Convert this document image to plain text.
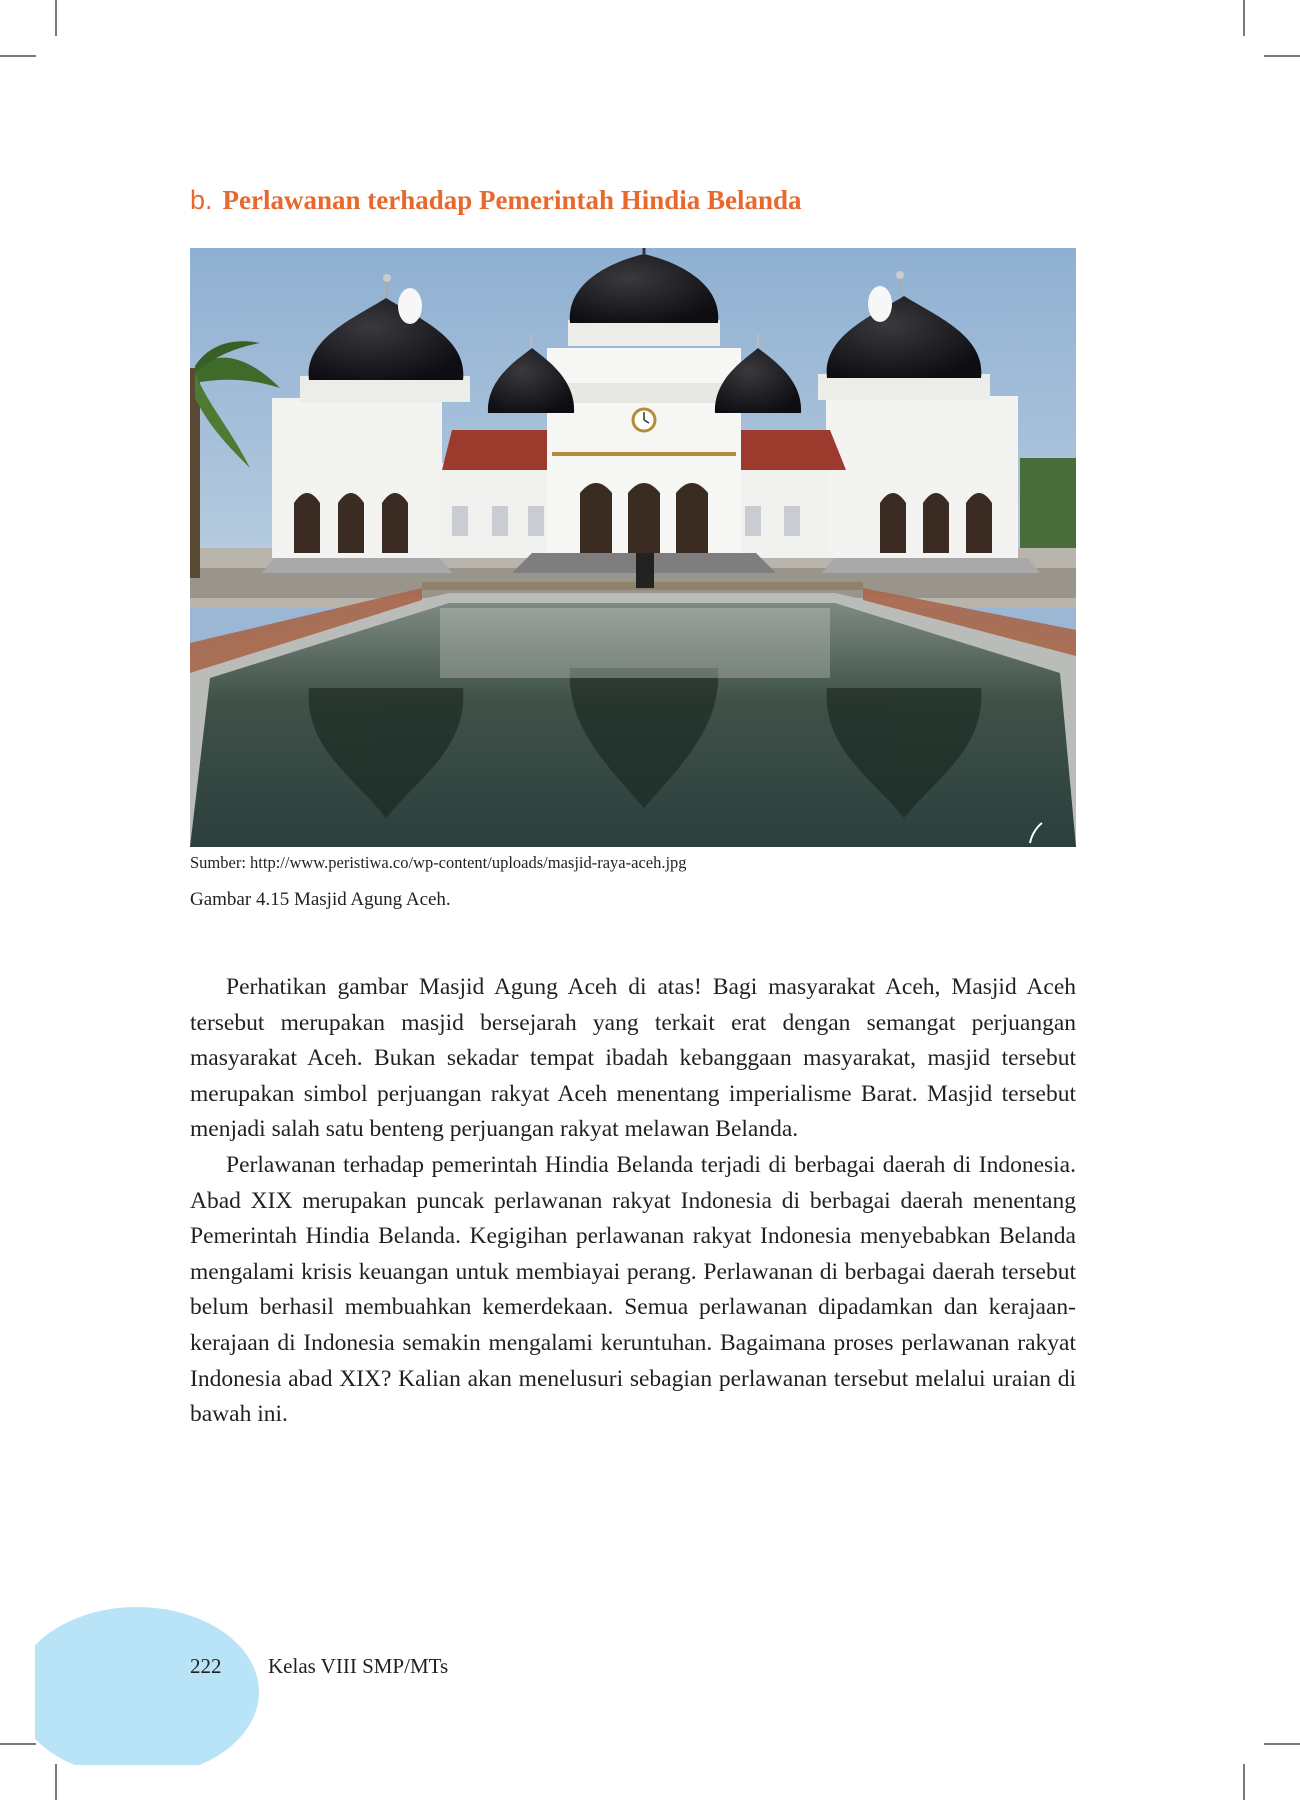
b. Perlawanan terhadap Pemerintah Hindia Belanda
Sumber: http://www.peristiwa.co/wp-content/uploads/masjid-raya-aceh.jpg
Gambar 4.15 Masjid Agung Aceh.

Perhatikan gambar Masjid Agung Aceh di atas! Bagi masyarakat Aceh, Masjid Aceh tersebut merupakan masjid bersejarah yang terkait erat dengan semangat perjuangan masyarakat Aceh. Bukan sekadar tempat ibadah kebanggaan masyarakat, masjid tersebut merupakan simbol perjuangan rakyat Aceh menentang imperialisme Barat. Masjid tersebut menjadi salah satu benteng perjuangan rakyat melawan Belanda.

Perlawanan terhadap pemerintah Hindia Belanda terjadi di berbagai daerah di Indonesia. Abad XIX merupakan puncak perlawanan rakyat Indonesia di berbagai daerah menentang Pemerintah Hindia Belanda. Kegigihan perlawanan rakyat Indonesia menyebabkan Belanda mengalami krisis keuangan untuk membiayai perang. Perlawanan di berbagai daerah tersebut belum berhasil membuahkan kemerdekaan. Semua perlawanan dipadamkan dan kerajaan-kerajaan di Indonesia semakin mengalami keruntuhan. Bagaimana proses perlawanan rakyat Indonesia abad XIX? Kalian akan menelusuri sebagian perlawanan tersebut melalui uraian di bawah ini.

222 Kelas VIII SMP/MTs
